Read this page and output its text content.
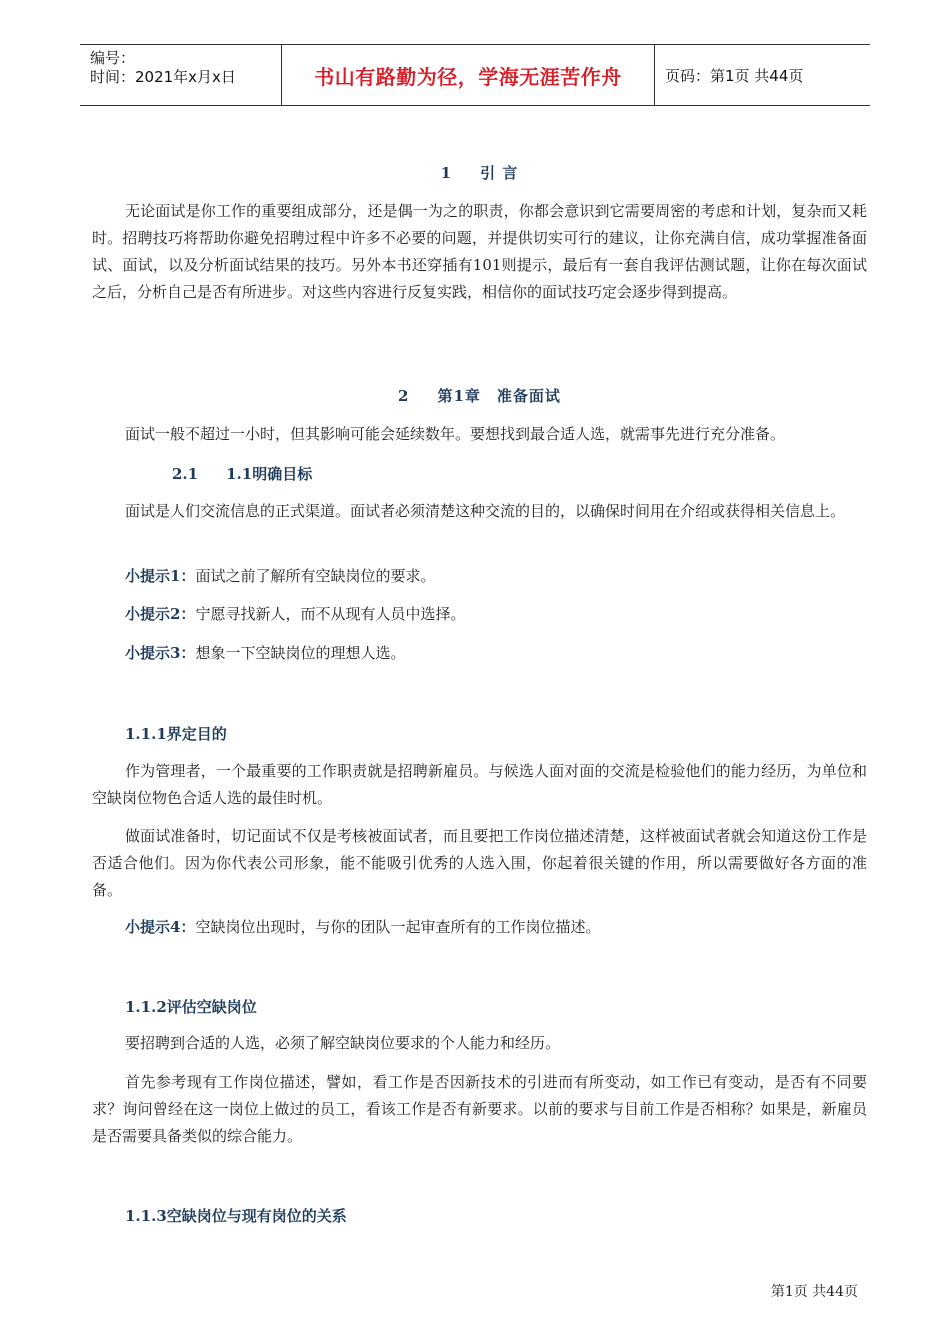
编号：
时间：2021年x月x日	书山有路勤为径，学海无涯苦作舟	页码：第1页 共44页
1 引 言

无论面试是你工作的重要组成部分，还是偶一为之的职责，你都会意识到它需要周密的考虑和计划，复杂而又耗时。招聘技巧将帮助你避免招聘过程中许多不必要的问题，并提供切实可行的建议，让你充满自信，成功掌握准备面试、面试，以及分析面试结果的技巧。另外本书还穿插有101则提示，最后有一套自我评估测试题，让你在每次面试之后，分析自己是否有所进步。对这些内容进行反复实践，相信你的面试技巧定会逐步得到提高。

2 第1章　准备面试

面试一般不超过一小时，但其影响可能会延续数年。要想找到最合适人选，就需事先进行充分准备。

2.1 1.1明确目标

面试是人们交流信息的正式渠道。面试者必须清楚这种交流的目的，以确保时间用在介绍或获得相关信息上。

小提示1：面试之前了解所有空缺岗位的要求。

小提示2：宁愿寻找新人，而不从现有人员中选择。

小提示3：想象一下空缺岗位的理想人选。

1.1.1界定目的

作为管理者，一个最重要的工作职责就是招聘新雇员。与候选人面对面的交流是检验他们的能力经历，为单位和空缺岗位物色合适人选的最佳时机。

做面试准备时，切记面试不仅是考核被面试者，而且要把工作岗位描述清楚，这样被面试者就会知道这份工作是否适合他们。因为你代表公司形象，能不能吸引优秀的人选入围，你起着很关键的作用，所以需要做好各方面的准备。

小提示4：空缺岗位出现时，与你的团队一起审查所有的工作岗位描述。

1.1.2评估空缺岗位

要招聘到合适的人选，必须了解空缺岗位要求的个人能力和经历。

首先参考现有工作岗位描述，譬如，看工作是否因新技术的引进而有所变动，如工作已有变动，是否有不同要求？询问曾经在这一岗位上做过的员工，看该工作是否有新要求。以前的要求与目前工作是否相称？如果是，新雇员是否需要具备类似的综合能力。

1.1.3空缺岗位与现有岗位的关系
第1页 共44页
